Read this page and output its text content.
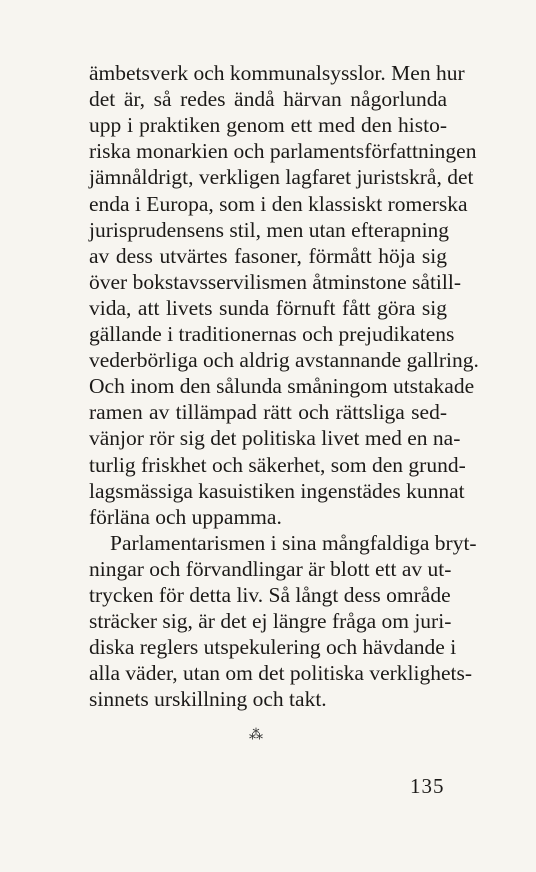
ämbetsverk och kommunalsysslor. Men hur
det är, så redes ändå härvan någorlunda
upp i praktiken genom ett med den histo-
riska monarkien och parlamentsförfattningen
jämnåldrigt, verkligen lagfaret juristskrå, det
enda i Europa, som i den klassiskt romerska
jurisprudensens stil, men utan efterapning
av dess utvärtes fasoner, förmått höja sig
över bokstavsservilismen åtminstone såtill-
vida, att livets sunda förnuft fått göra sig
gällande i traditionernas och prejudikatens
vederbörliga och aldrig avstannande gallring.
Och inom den sålunda småningom utstakade
ramen av tillämpad rätt och rättsliga sed-
vänjor rör sig det politiska livet med en na-
turlig friskhet och säkerhet, som den grund-
lagsmässiga kasuistiken ingenstädes kunnat
förläna och uppamma.
Parlamentarismen i sina mångfaldiga bryt-
ningar och förvandlingar är blott ett av ut-
trycken för detta liv. Så långt dess område
sträcker sig, är det ej längre fråga om juri-
diska reglers utspekulering och hävdande i
alla väder, utan om det politiska verklighets-
sinnets urskillning och takt.
⁂
135
